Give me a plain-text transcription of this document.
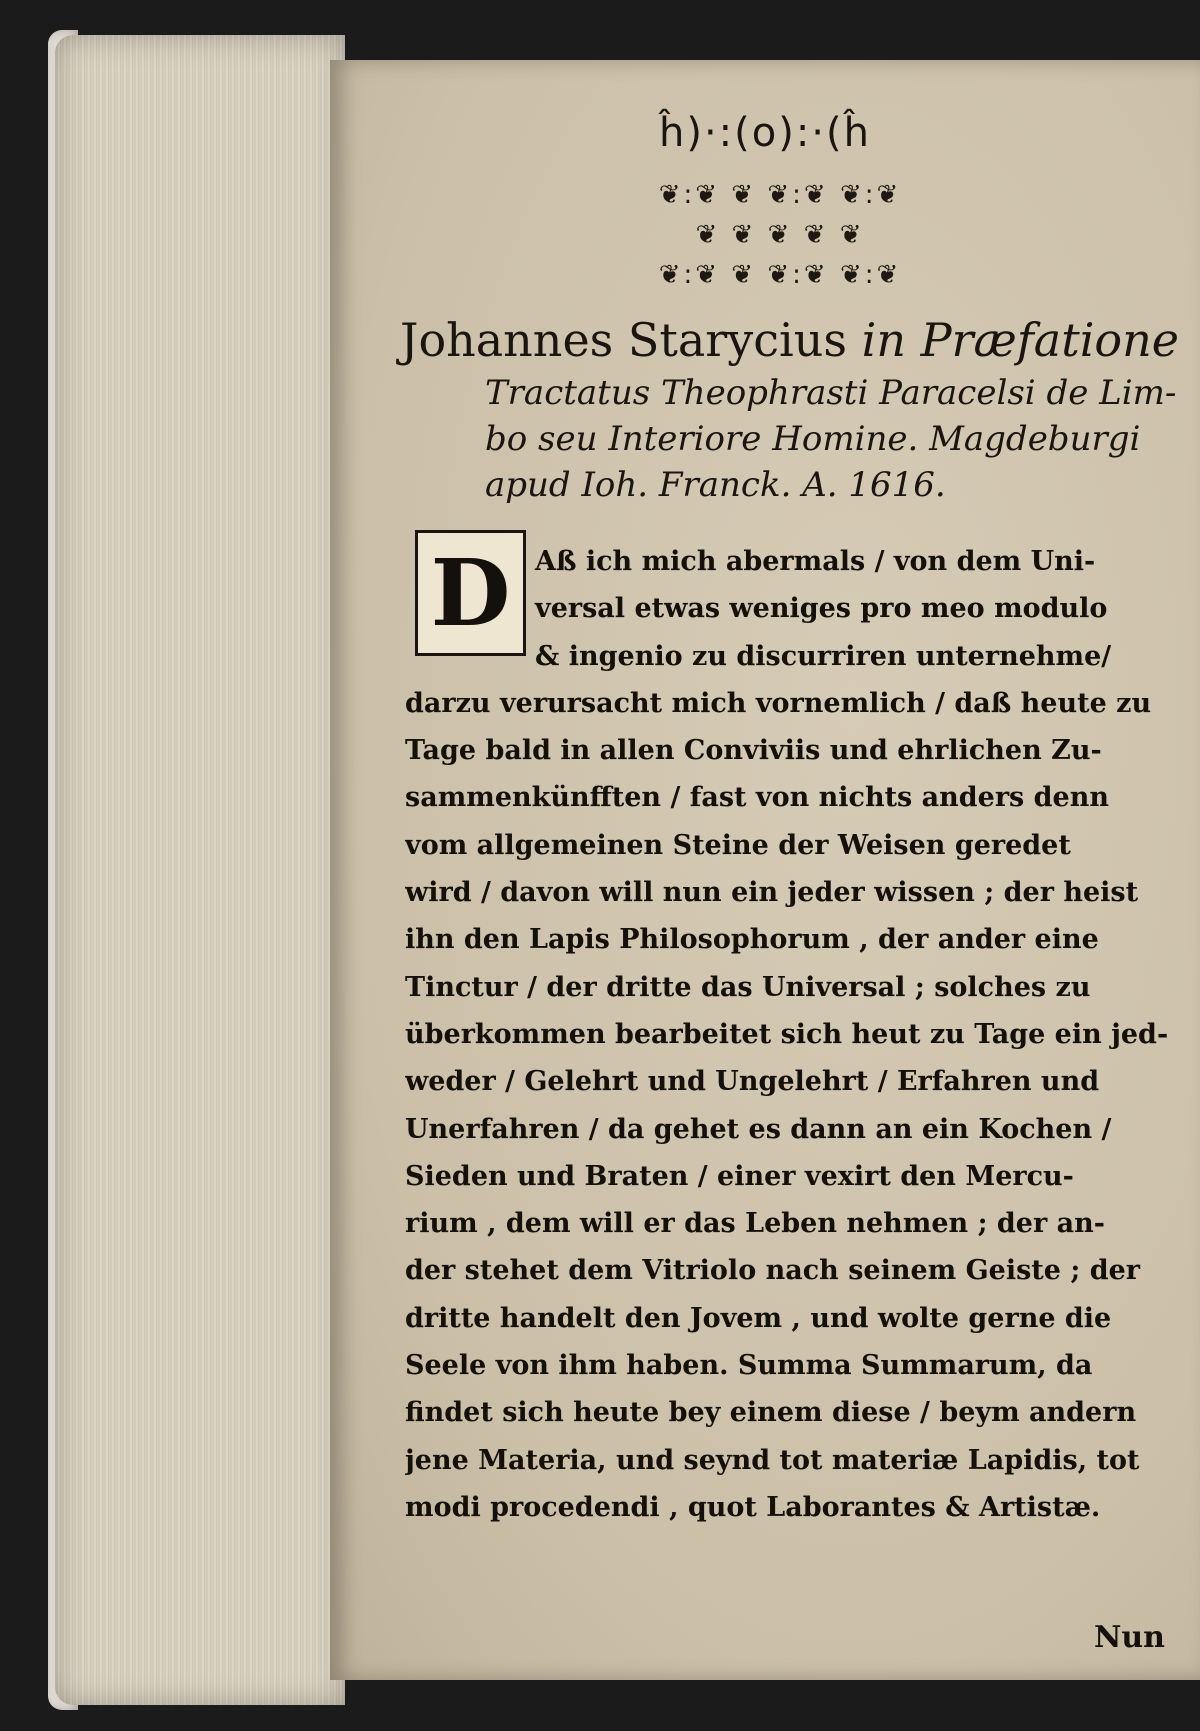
ĥ)·:(o):·(ĥ
❦:❦ ❦ ❦:❦ ❦:❦
❦ ❦ ❦ ❦ ❦
❦:❦ ❦ ❦:❦ ❦:❦
Johannes Starycius in Præfatione
Tractatus Theophrasti Paracelsi de Lim-
bo seu Interiore Homine. Magdeburgi
apud Ioh. Franck. A. 1616.
D Aß ich mich abermals / von dem Uni-
versal etwas weniges pro meo modulo
& ingenio zu discurriren unternehme/
darzu verursacht mich vornemlich / daß heute zu
Tage bald in allen Conviviis und ehrlichen Zu-
sammenkünfften / fast von nichts anders denn
vom allgemeinen Steine der Weisen geredet
wird / davon will nun ein jeder wissen ; der heist
ihn den Lapis Philosophorum , der ander eine
Tinctur / der dritte das Universal ; solches zu
überkommen bearbeitet sich heut zu Tage ein jed-
weder / Gelehrt und Ungelehrt / Erfahren und
Unerfahren / da gehet es dann an ein Kochen /
Sieden und Braten / einer vexirt den Mercu-
rium , dem will er das Leben nehmen ; der an-
der stehet dem Vitriolo nach seinem Geiste ; der
dritte handelt den Jovem , und wolte gerne die
Seele von ihm haben. Summa Summarum, da
findet sich heute bey einem diese / beym andern
jene Materia, und seynd tot materiæ Lapidis, tot
modi procedendi , quot Laborantes & Artistæ.
Nun
